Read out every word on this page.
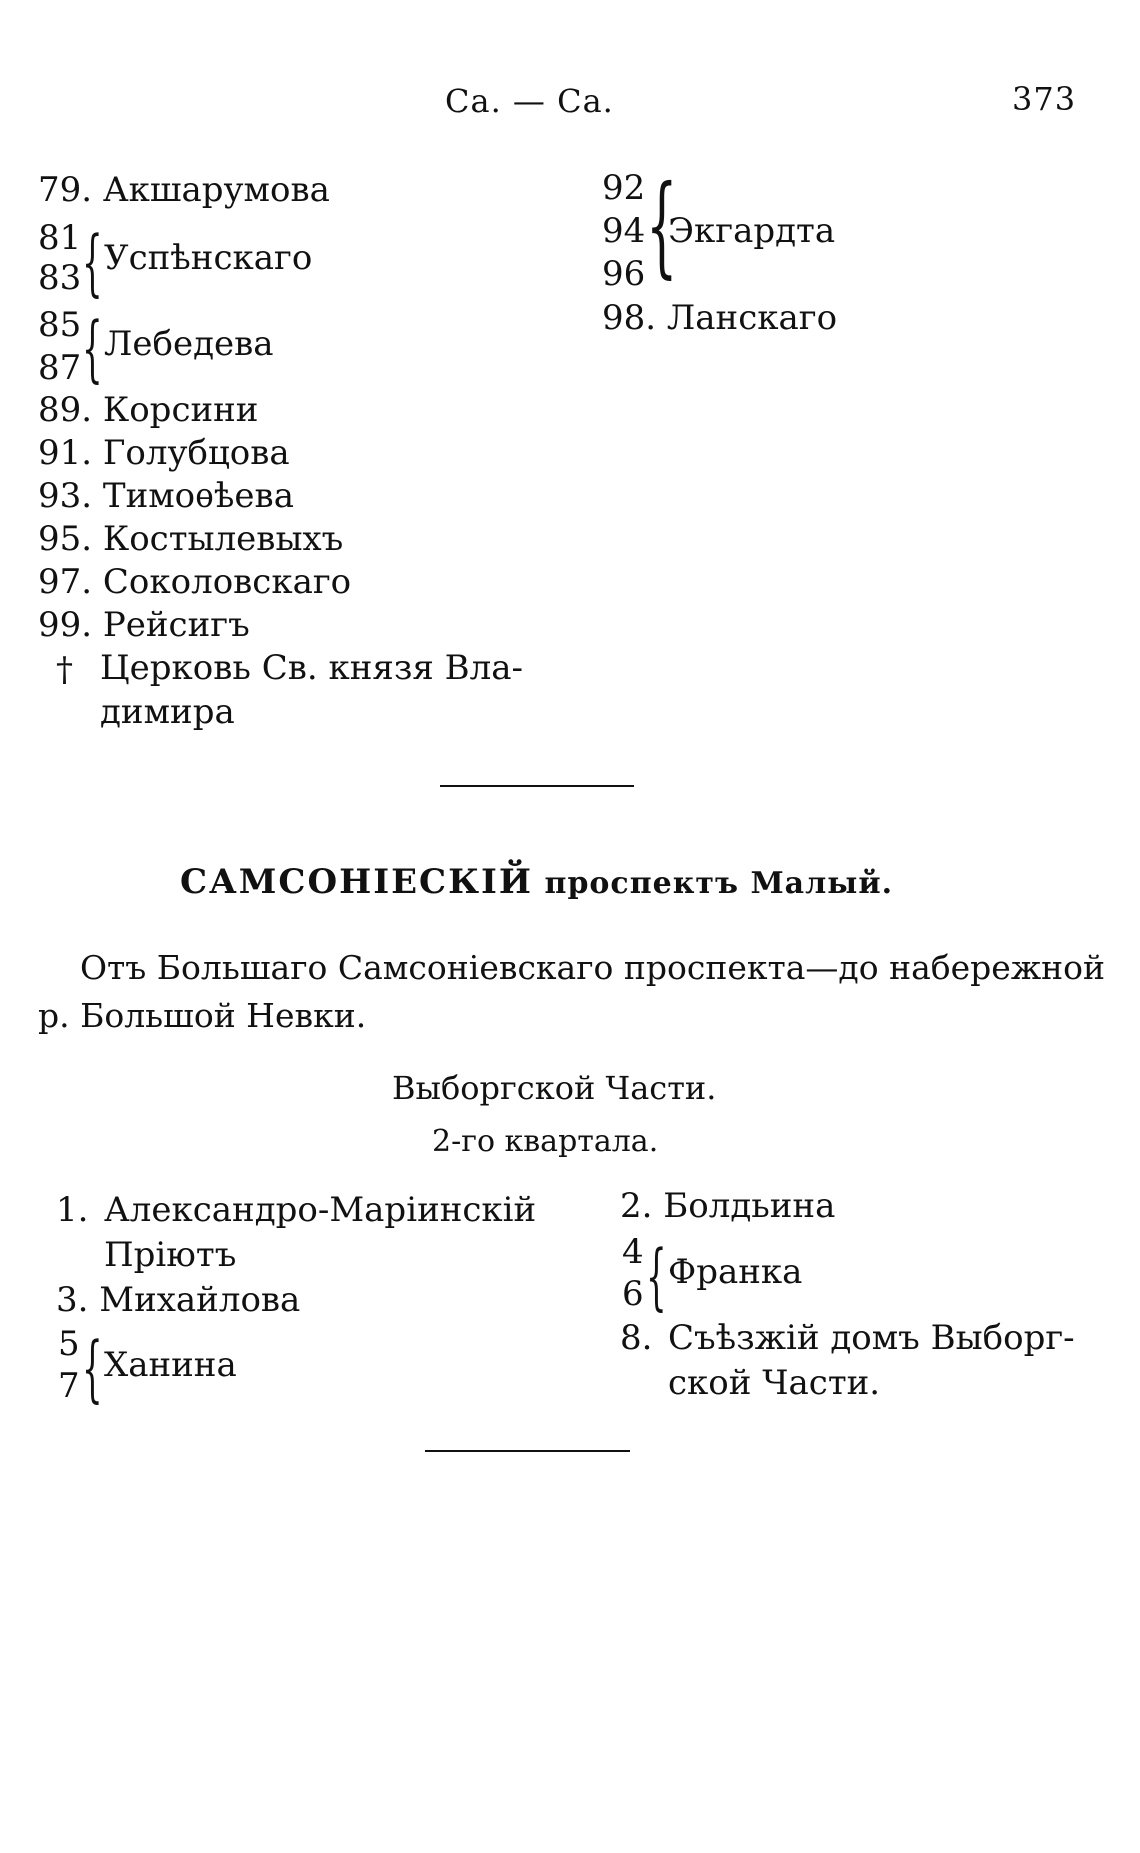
Са. — Са.	373
79. Акшарумова
81
83 { Успѣнскаго
85
87 { Лебедева
89. Корсини
91. Голубцова
93. Тимоѳѣева
95. Костылевыхъ
97. Соколовскаго
99. Рейсигъ
† Церковь Св. князя Вла-
димира
92
94
96 {
Экгардта
98. Ланскаго
САМСОНІЕСКІЙ проспектъ Малый.
Отъ Большаго Самсоніевскаго проспекта—до набережной
р. Большой Невки.
Выборгской Части.
2-го квартала.
1. Александро-Маріинскій
Пріютъ
3. Михайлова
5
7 { Ханина
2. Болдьина
4
6 { Франка
8. Съѣзжій домъ Выборг-
ской Части.
